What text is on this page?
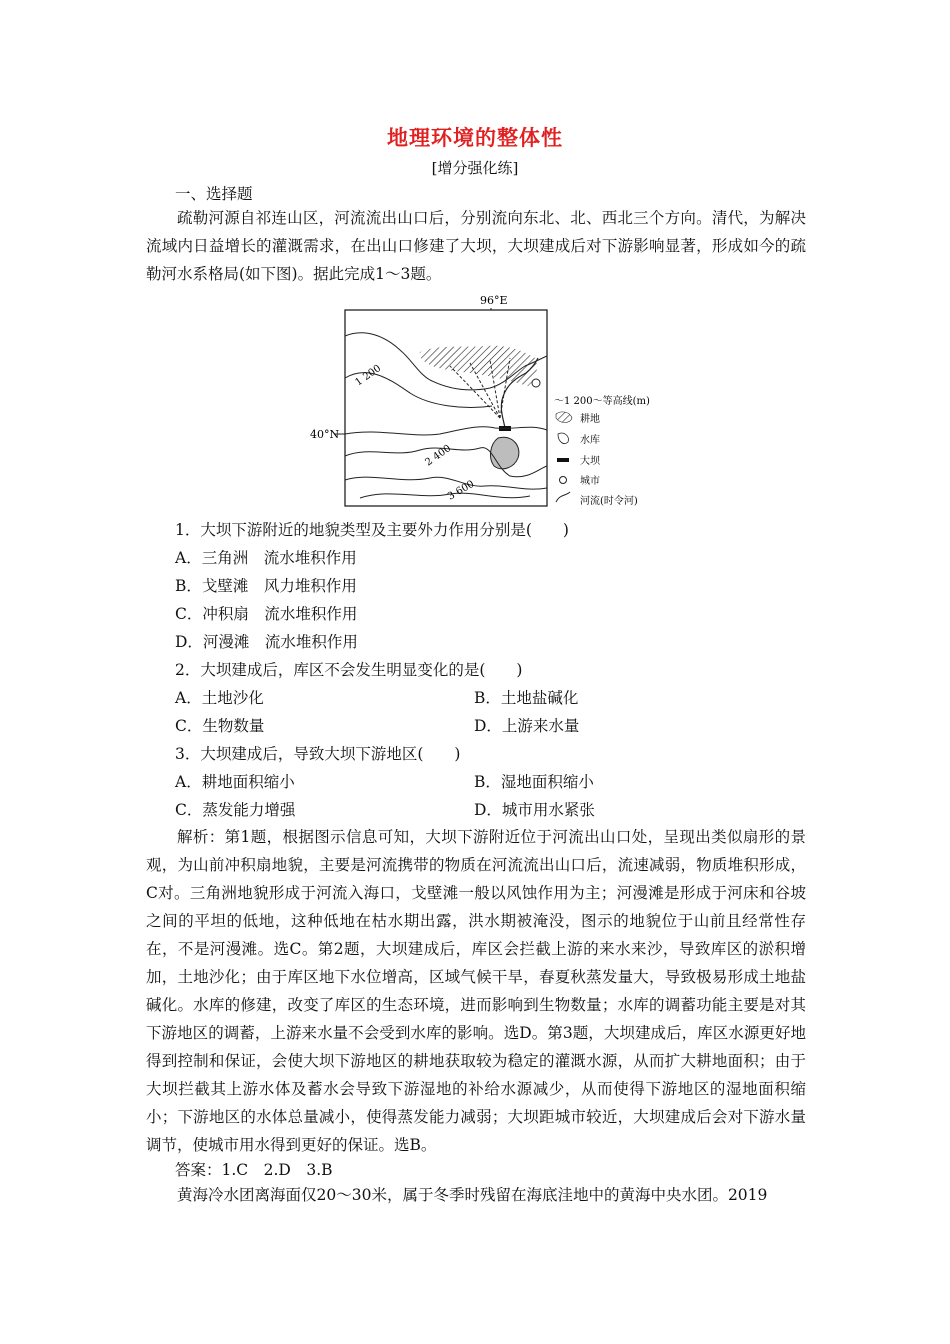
地理环境的整体性
[增分强化练]
一、选择题
疏勒河源自祁连山区，河流流出山口后，分别流向东北、北、西北三个方向。清代，为解决流域内日益增长的灌溉需求，在出山口修建了大坝，大坝建成后对下游影响显著，形成如今的疏勒河水系格局(如下图)。据此完成1～3题。
96°E
1 200
40°N
2 400
3 600
～1 200～等高线(m)
耕地
水库
大坝
城市
河流(时令河)
1．大坝下游附近的地貌类型及主要外力作用分别是(　　)
A．三角洲　流水堆积作用
B．戈壁滩　风力堆积作用
C．冲积扇　流水堆积作用
D．河漫滩　流水堆积作用
2．大坝建成后，库区不会发生明显变化的是(　　)
A．土地沙化	B．土地盐碱化
C．生物数量	D．上游来水量
3．大坝建成后，导致大坝下游地区(　　)
A．耕地面积缩小	B．湿地面积缩小
C．蒸发能力增强	D．城市用水紧张
解析：第1题，根据图示信息可知，大坝下游附近位于河流出山口处，呈现出类似扇形的景观，为山前冲积扇地貌，主要是河流携带的物质在河流流出山口后，流速减弱，物质堆积形成，C对。三角洲地貌形成于河流入海口，戈壁滩一般以风蚀作用为主；河漫滩是形成于河床和谷坡之间的平坦的低地，这种低地在枯水期出露，洪水期被淹没，图示的地貌位于山前且经常性存在，不是河漫滩。选C。第2题，大坝建成后，库区会拦截上游的来水来沙，导致库区的淤积增加，土地沙化；由于库区地下水位增高，区域气候干旱，春夏秋蒸发量大，导致极易形成土地盐碱化。水库的修建，改变了库区的生态环境，进而影响到生物数量；水库的调蓄功能主要是对其下游地区的调蓄，上游来水量不会受到水库的影响。选D。第3题，大坝建成后，库区水源更好地得到控制和保证，会使大坝下游地区的耕地获取较为稳定的灌溉水源，从而扩大耕地面积；由于大坝拦截其上游水体及蓄水会导致下游湿地的补给水源减少，从而使得下游地区的湿地面积缩小；下游地区的水体总量减小，使得蒸发能力减弱；大坝距城市较近，大坝建成后会对下游水量调节，使城市用水得到更好的保证。选B。
答案：1.C　2.D　3.B
黄海冷水团离海面仅20～30米，属于冬季时残留在海底洼地中的黄海中央水团。2019
